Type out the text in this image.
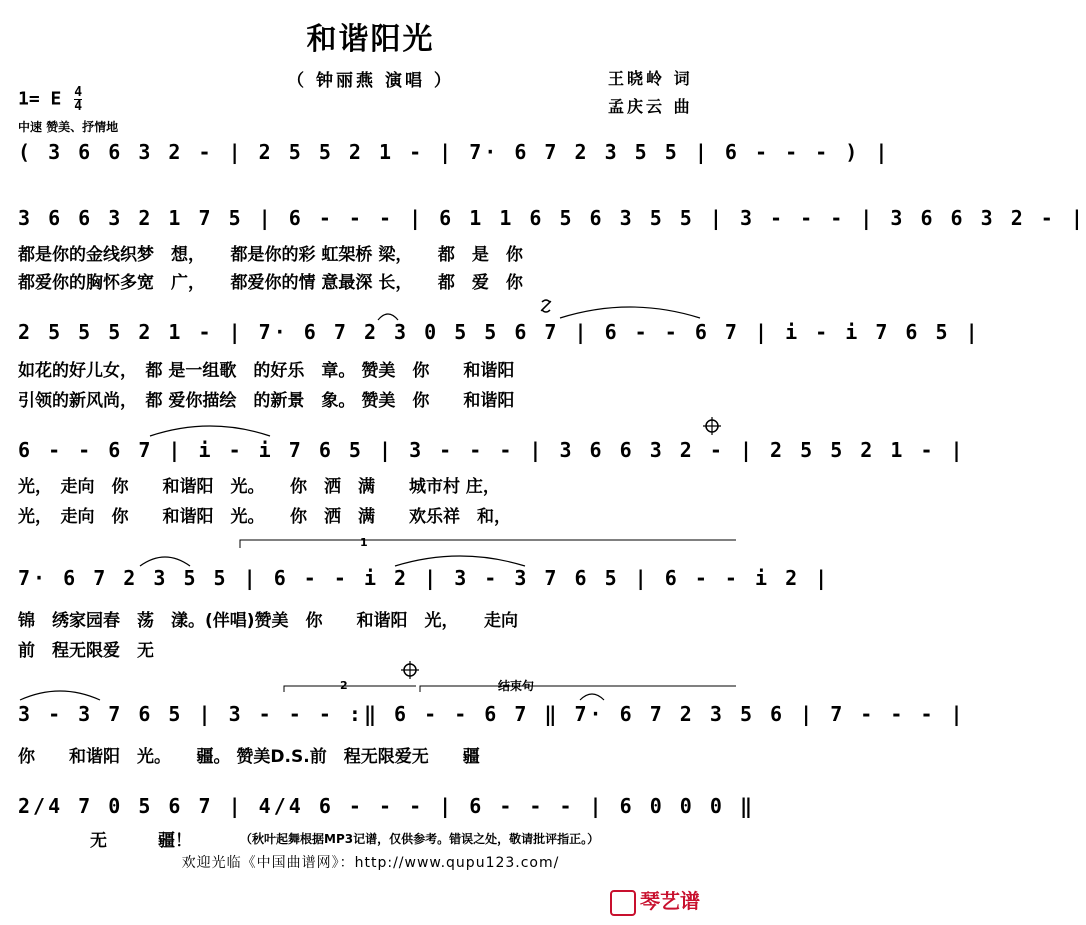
和谐阳光
（ 钟丽燕 演唱 ）	王晓岭 词
孟庆云 曲
1= E $\frac{4}{4}$
中速 赞美、抒情地
( 3 6 6 3 2 - | 2 5 5 2 1 - | 7· 6 7 2 3 5 5 | 6 - - - ) |
3 6 6 3 2 1 7 5 | 6 - - - | 6 1 1 6 5 6 3 5 5 | 3 - - - | 3 6 6 3 2 - |
都是你的金线织梦　想，　　都是你的彩 虹架桥 梁，　　都　是　你
都爱你的胸怀多宽　广，　　都爱你的情 意最深 长，　　都　爱　你
2 5 5 5 2 1 - | 7· 6 7 2 3 0 5 5 6 7 | 6 - - 6 7 | i - i 7 6 5 |
如花的好儿女，　都 是一组歌　的好乐　章。 赞美　你　　和谐阳
引领的新风尚，　都 爱你描绘　的新景　象。 赞美　你　　和谐阳
6 - - 6 7 | i - i 7 6 5 | 3 - - - | 3 6 6 3 2 - | 2 5 5 2 1 - |
光，　走向　你　　和谐阳　光。　　你　洒　满　　城市村 庄，
光，　走向　你　　和谐阳　光。　　你　洒　满　　欢乐祥　和，
1
7· 6 7 2 3 5 5 | 6 - - i 2 | 3 - 3 7 6 5 | 6 - - i 2 |
锦　绣家园春　荡　漾。(伴唱)赞美　你　　和谐阳　光，　　走向
前　程无限爱　无
2	结束句
3 - 3 7 6 5 | 3 - - - :‖ 6 - - 6 7 ‖ 7· 6 7 2 3 5 6 | 7 - - - |
你　　和谐阳　光。　　疆。 赞美D.S.前　程无限爱无　　疆
2/4 7 0 5 6 7 | 4/4 6 - - - | 6 - - - | 6 0 0 0 ‖
无　　　疆！	（秋叶起舞根据MP3记谱，仅供参考。错误之处，敬请批评指正。）
欢迎光临《中国曲谱网》：http://www.qupu123.com/
琴艺谱
